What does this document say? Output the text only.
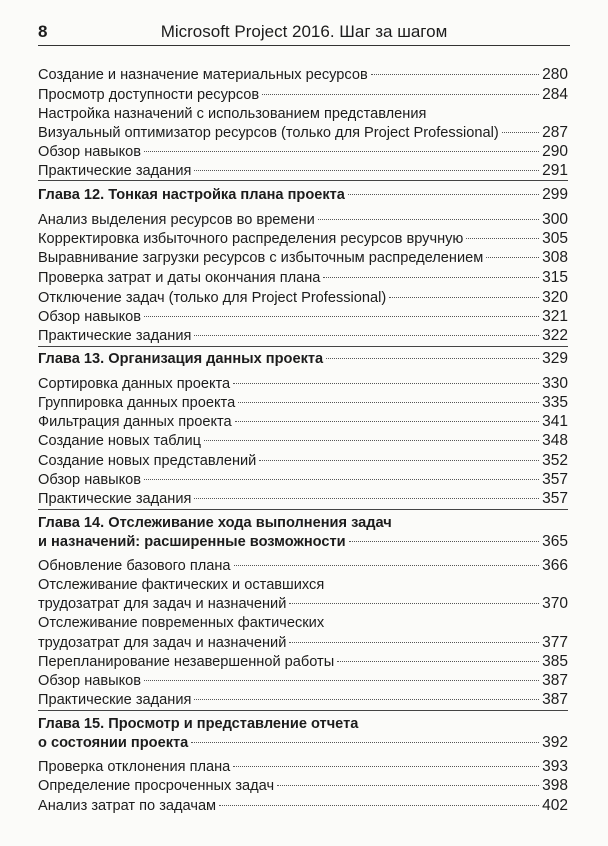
8	Microsoft Project 2016. Шаг за шагом
Создание и назначение материальных ресурсов	280
Просмотр доступности ресурсов	284
Настройка назначений с использованием представления
Визуальный оптимизатор ресурсов (только для Project Professional)	287
Обзор навыков	290
Практические задания	291
Глава 12. Тонкая настройка плана проекта	299
Анализ выделения ресурсов во времени	300
Корректировка избыточного распределения ресурсов вручную	305
Выравнивание загрузки ресурсов с избыточным распределением	308
Проверка затрат и даты окончания плана	315
Отключение задач (только для Project Professional)	320
Обзор навыков	321
Практические задания	322
Глава 13. Организация данных проекта	329
Сортировка данных проекта	330
Группировка данных проекта	335
Фильтрация данных проекта	341
Создание новых таблиц	348
Создание новых представлений	352
Обзор навыков	357
Практические задания	357
Глава 14. Отслеживание хода выполнения задач
и назначений: расширенные возможности	365
Обновление базового плана	366
Отслеживание фактических и оставшихся
трудозатрат для задач и назначений	370
Отслеживание повременных фактических
трудозатрат для задач и назначений	377
Перепланирование незавершенной работы	385
Обзор навыков	387
Практические задания	387
Глава 15. Просмотр и представление отчета
о состоянии проекта	392
Проверка отклонения плана	393
Определение просроченных задач	398
Анализ затрат по задачам	402
